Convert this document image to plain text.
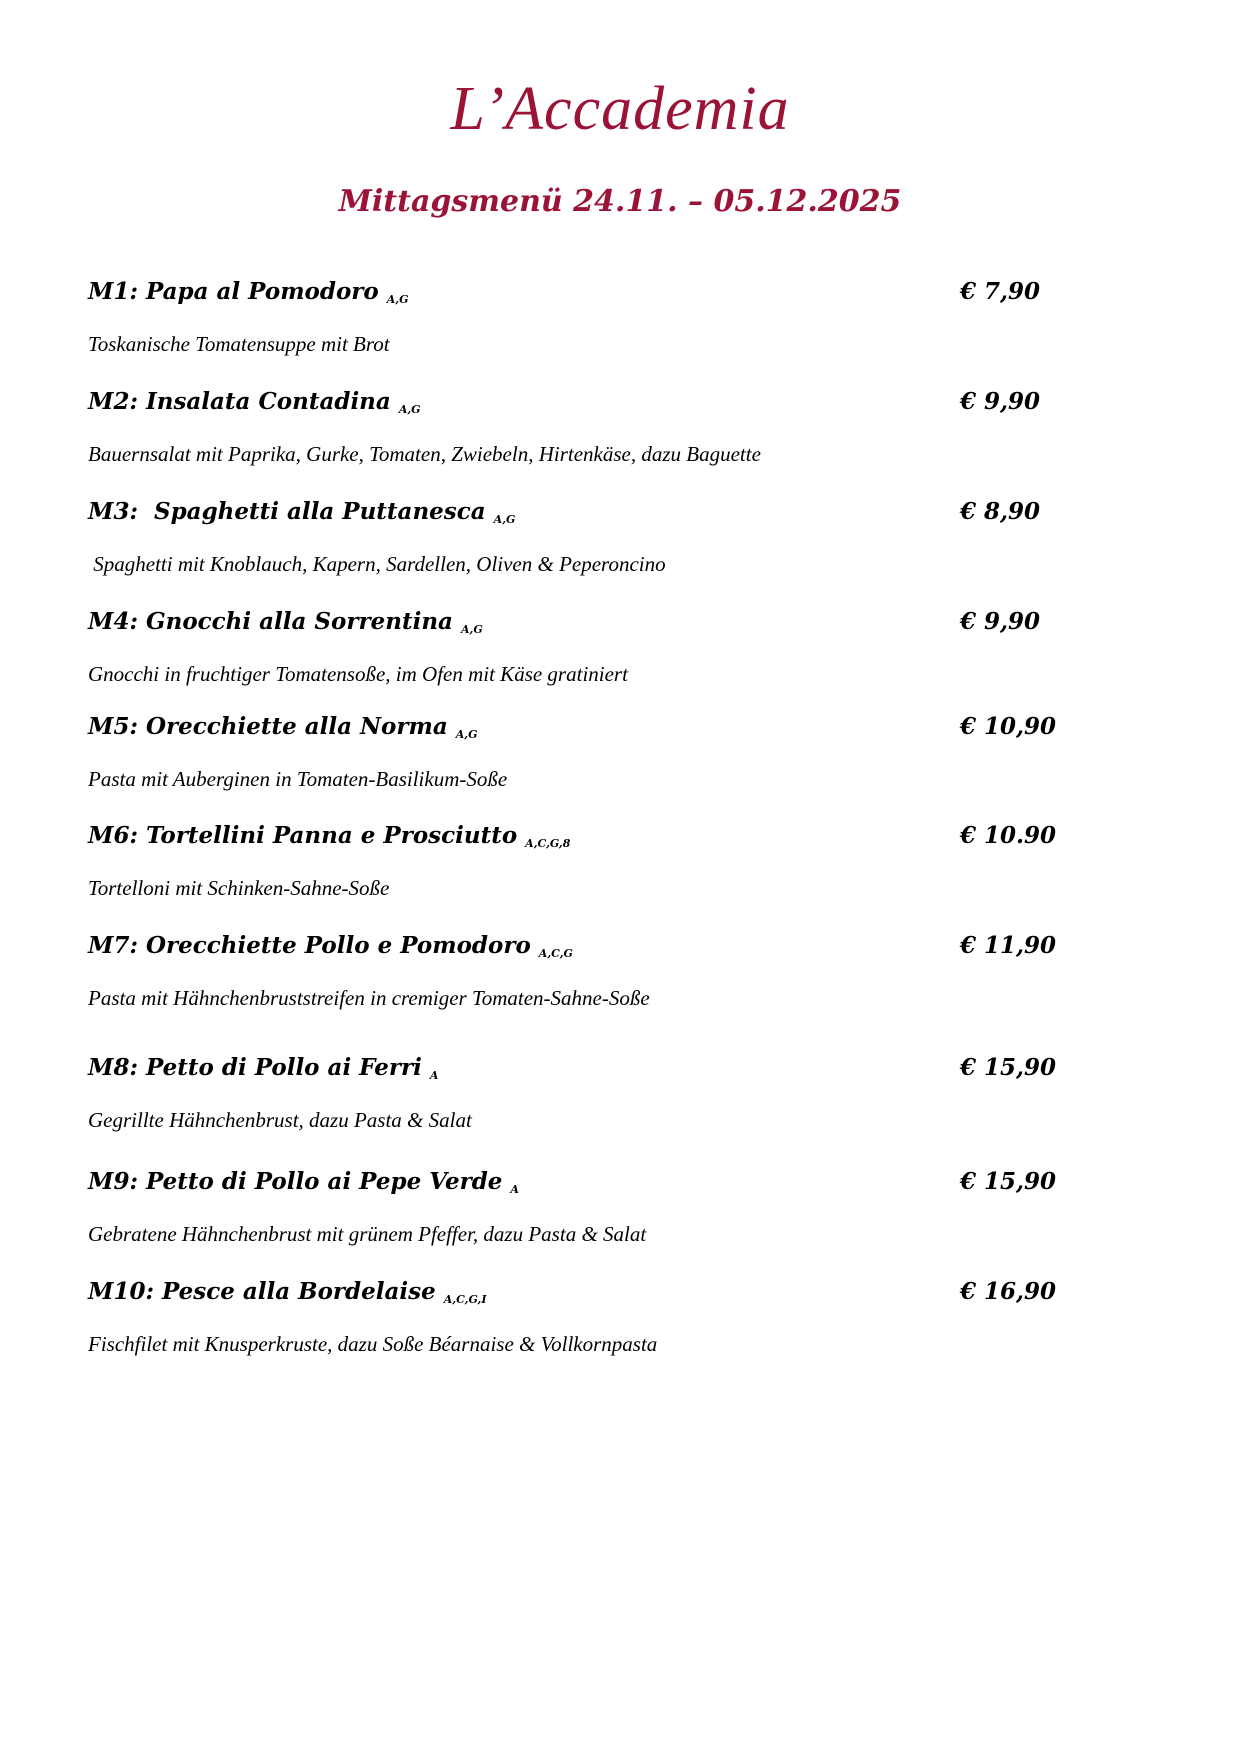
L’Accademia
Mittagsmenü 24.11. – 05.12.2025
M1: Papa al Pomodoro A,G	€ 7,90
Toskanische Tomatensuppe mit Brot
M2: Insalata Contadina A,G	€ 9,90
Bauernsalat mit Paprika, Gurke, Tomaten, Zwiebeln, Hirtenkäse, dazu Baguette
M3:  Spaghetti alla Puttanesca A,G	€ 8,90
Spaghetti mit Knoblauch, Kapern, Sardellen, Oliven & Peperoncino
M4: Gnocchi alla Sorrentina A,G	€ 9,90
Gnocchi in fruchtiger Tomatensoße, im Ofen mit Käse gratiniert
M5: Orecchiette alla Norma A,G	€ 10,90
Pasta mit Auberginen in Tomaten-Basilikum-Soße
M6: Tortellini Panna e Prosciutto A,C,G,8	€ 10.90
Tortelloni mit Schinken-Sahne-Soße
M7: Orecchiette Pollo e Pomodoro A,C,G	€ 11,90
Pasta mit Hähnchenbruststreifen in cremiger Tomaten-Sahne-Soße
M8: Petto di Pollo ai Ferri A	€ 15,90
Gegrillte Hähnchenbrust, dazu Pasta & Salat
M9: Petto di Pollo ai Pepe Verde A	€ 15,90
Gebratene Hähnchenbrust mit grünem Pfeffer, dazu Pasta & Salat
M10: Pesce alla Bordelaise A,C,G,I	€ 16,90
Fischfilet mit Knusperkruste, dazu Soße Béarnaise & Vollkornpasta
